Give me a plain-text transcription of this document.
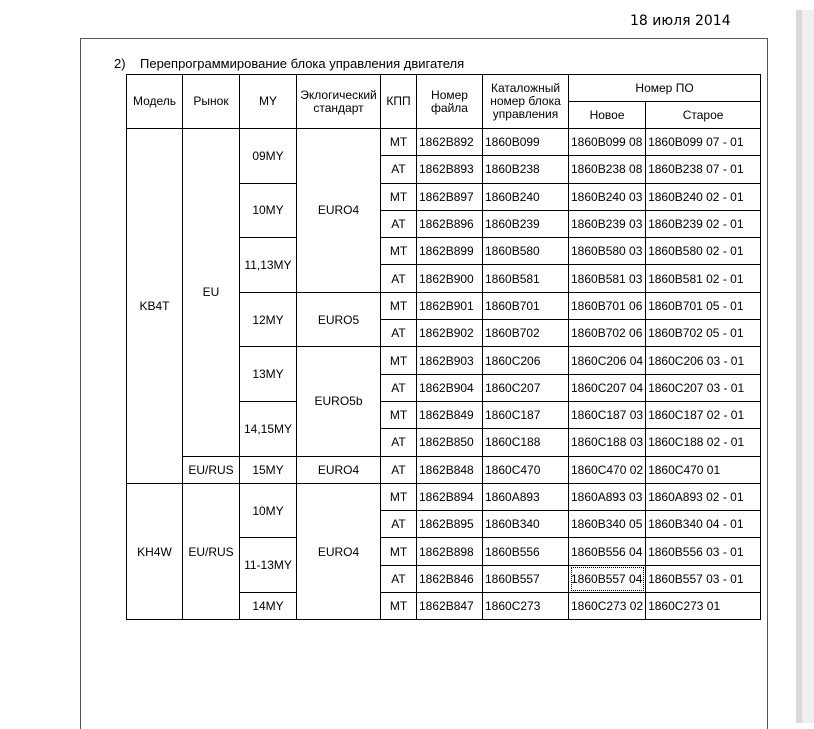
18 июля 2014
2) Перепрограммирование блока управления двигателя
Модель	Рынок	MY	Эклогический стандарт	КПП	Номер файла	Каталожный номер блока управления	Номер ПО	
							Новое	Старое
KB4T	EU	09MY	EURO4	MT	1862B892	1860B099	1860B099 08	1860B099 07 - 01
				AT	1862B893	1860B238	1860B238 08	1860B238 07 - 01
		10MY		MT	1862B897	1860B240	1860B240 03	1860B240 02 - 01
				AT	1862B896	1860B239	1860B239 03	1860B239 02 - 01
		11,13MY		MT	1862B899	1860B580	1860B580 03	1860B580 02 - 01
				AT	1862B900	1860B581	1860B581 03	1860B581 02 - 01
		12MY	EURO5	MT	1862B901	1860B701	1860B701 06	1860B701 05 - 01
				AT	1862B902	1860B702	1860B702 06	1860B702 05 - 01
		13MY	EURO5b	MT	1862B903	1860C206	1860C206 04	1860C206 03 - 01
				AT	1862B904	1860C207	1860C207 04	1860C207 03 - 01
		14,15MY		MT	1862B849	1860C187	1860C187 03	1860C187 02 - 01
				AT	1862B850	1860C188	1860C188 03	1860C188 02 - 01
	EU/RUS	15MY	EURO4	AT	1862B848	1860C470	1860C470 02	1860C470 01
KH4W	EU/RUS	10MY	EURO4	MT	1862B894	1860A893	1860A893 03	1860A893 02 - 01
				AT	1862B895	1860B340	1860B340 05	1860B340 04 - 01
		11-13MY		MT	1862B898	1860B556	1860B556 04	1860B556 03 - 01
				AT	1862B846	1860B557	1860B557 04	1860B557 03 - 01
		14MY		MT	1862B847	1860C273	1860C273 02	1860C273 01
